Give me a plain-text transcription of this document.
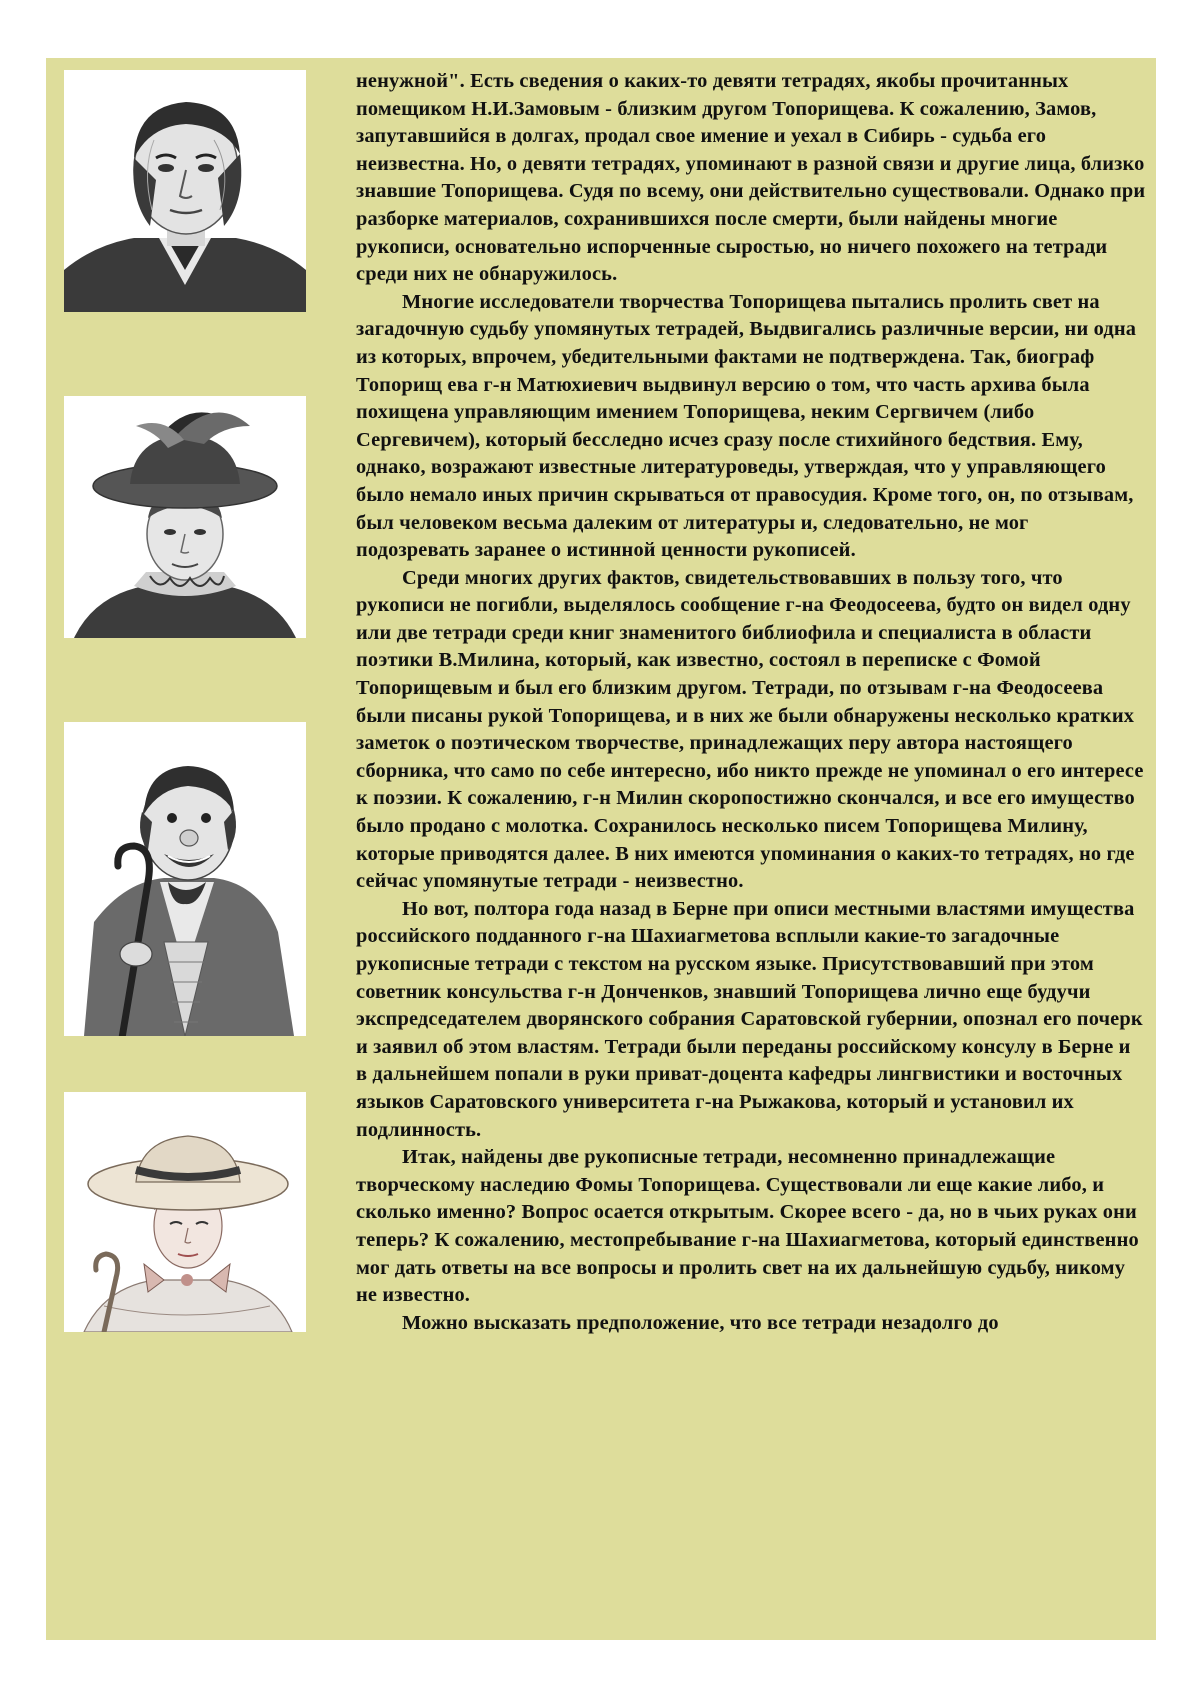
ненужной". Есть сведения о каких-то девяти тетрадях, якобы прочитанных помещиком Н.И.Замовым - близким другом Топорищева. К сожалению, Замов, запутавшийся в долгах, продал свое имение и уехал в Сибирь - судьба его неизвестна. Но, о девяти тетрадях, упоминают в разной связи и другие лица, близко знавшие Топорищева. Судя по всему, они действительно существовали. Однако при разборке материалов, сохранившихся после смерти, были найдены многие рукописи, основательно испорченные сыростью, но ничего похожего на тетради среди них не обнаружилось.

Многие исследователи творчества Топорищева пытались пролить свет на загадочную судьбу упомянутых тетрадей, Выдвигались различные версии, ни одна из которых, впрочем, убедительными фактами не подтверждена. Так, биограф Топорищ ева г-н Матюхиевич выдвинул версию о том, что часть архива была похищена управляющим имением Топорищева, неким Сергвичем (либо Сергевичем), который бесследно исчез сразу после стихийного бедствия. Ему, однако, возражают известные литературоведы, утверждая, что у управляющего было немало иных причин скрываться от правосудия. Кроме того, он, по отзывам, был человеком весьма далеким от литературы и, следовательно, не мог подозревать заранее о истинной ценности рукописей.

Среди многих других фактов, свидетельствовавших в пользу того, что рукописи не погибли, выделялось сообщение г-на Феодосеева, будто он видел одну или две тетради среди книг знаменитого библиофила и специалиста в области поэтики В.Милина, который, как известно, состоял в переписке с Фомой Топорищевым и был его близким другом. Тетради, по отзывам г-на Феодосеева были писаны рукой Топорищева, и в них же были обнаружены несколько кратких заметок о поэтическом творчестве, принадлежащих перу автора настоящего сборника, что само по себе интересно, ибо никто прежде не упоминал о его интересе к поэзии. К сожалению, г-н Милин скоропостижно скончался, и все его имущество было продано с молотка. Сохранилось несколько писем Топорищева Милину, которые приводятся далее. В них имеются упоминания о каких-то тетрадях, но где сейчас упомянутые тетради - неизвестно.

Но вот, полтора года назад в Берне при описи местными властями имущества российского подданного г-на Шахиагметова всплыли какие-то загадочные рукописные тетради с текстом на русском языке. Присутствовавший при этом советник консульства г-н Донченков, знавший Топорищева лично еще будучи экспредседателем дворянского собрания Саратовской губернии, опознал его почерк и заявил об этом властям. Тетради были переданы российскому консулу в Берне и в дальнейшем попали в руки приват-доцента кафедры лингвистики и восточных языков Саратовского университета г-на Рыжакова, который и установил их подлинность.

Итак, найдены две рукописные тетради, несомненно принадлежащие творческому наследию Фомы Топорищева. Существовали ли еще какие либо, и сколько именно? Вопрос осается открытым. Скорее всего - да, но в чьих руках они теперь? К сожалению, местопребывание г-на Шахиагметова, который единственно мог дать ответы на все вопросы и пролить свет на их дальнейшую судьбу, никому не известно.

Можно высказать предположение, что все тетради незадолго до
